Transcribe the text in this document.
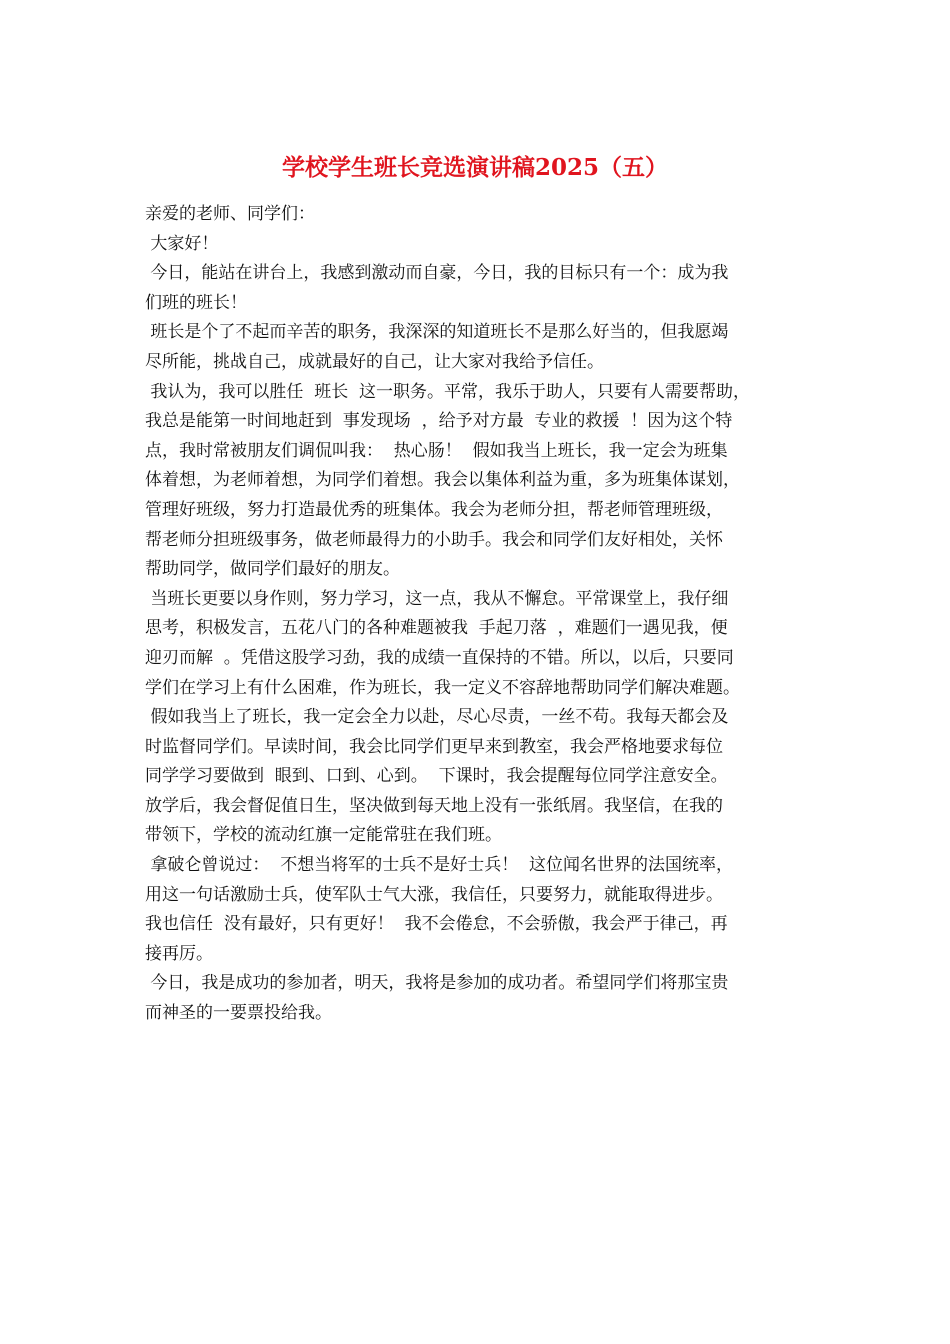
学校学生班长竞选演讲稿2025（五）

亲爱的老师、同学们：

大家好！

今日，能站在讲台上，我感到激动而自豪，今日，我的目标只有一个：成为我

们班的班长！

班长是个了不起而辛苦的职务，我深深的知道班长不是那么好当的，但我愿竭

尽所能，挑战自己，成就最好的自己，让大家对我给予信任。

我认为，我可以胜任  班长  这一职务。平常，我乐于助人，只要有人需要帮助，

我总是能第一时间地赶到  事发现场  ，给予对方最  专业的救援  ！因为这个特

点，我时常被朋友们调侃叫我：  热心肠！  假如我当上班长，我一定会为班集

体着想，为老师着想，为同学们着想。我会以集体利益为重，多为班集体谋划，

管理好班级，努力打造最优秀的班集体。我会为老师分担，帮老师管理班级，

帮老师分担班级事务，做老师最得力的小助手。我会和同学们友好相处，关怀

帮助同学，做同学们最好的朋友。

当班长更要以身作则，努力学习，这一点，我从不懈怠。平常课堂上，我仔细

思考，积极发言，五花八门的各种难题被我  手起刀落  ，难题们一遇见我，便

迎刃而解  。凭借这股学习劲，我的成绩一直保持的不错。所以，以后，只要同

学们在学习上有什么困难，作为班长，我一定义不容辞地帮助同学们解决难题。

假如我当上了班长，我一定会全力以赴，尽心尽责，一丝不苟。我每天都会及

时监督同学们。早读时间，我会比同学们更早来到教室，我会严格地要求每位

同学学习要做到  眼到、口到、心到。  下课时，我会提醒每位同学注意安全。

放学后，我会督促值日生，坚决做到每天地上没有一张纸屑。我坚信，在我的

带领下，学校的流动红旗一定能常驻在我们班。

拿破仑曾说过：  不想当将军的士兵不是好士兵！  这位闻名世界的法国统率，

用这一句话激励士兵，使军队士气大涨，我信任，只要努力，就能取得进步。

我也信任  没有最好，只有更好！  我不会倦怠，不会骄傲，我会严于律己，再

接再厉。

今日，我是成功的参加者，明天，我将是参加的成功者。希望同学们将那宝贵

而神圣的一要票投给我。
